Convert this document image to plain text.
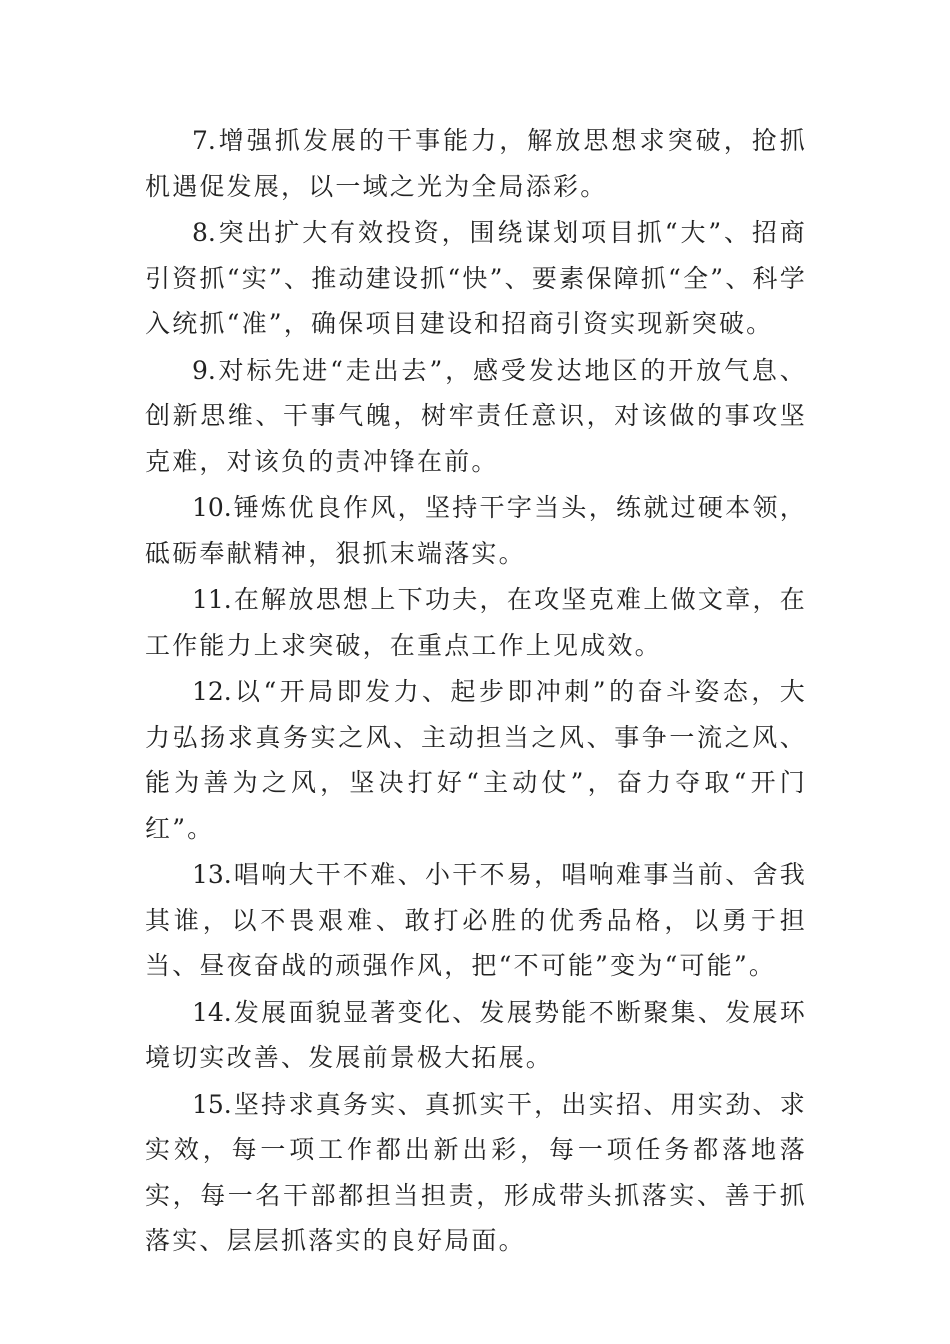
7.增强抓发展的干事能力，解放思想求突破，抢抓机遇促发展，以一域之光为全局添彩。

8.突出扩大有效投资，围绕谋划项目抓“大”、招商引资抓“实”、推动建设抓“快”、要素保障抓“全”、科学入统抓“准”，确保项目建设和招商引资实现新突破。

9.对标先进“走出去”，感受发达地区的开放气息、创新思维、干事气魄，树牢责任意识，对该做的事攻坚克难，对该负的责冲锋在前。

10.锤炼优良作风，坚持干字当头，练就过硬本领，砥砺奉献精神，狠抓末端落实。

11.在解放思想上下功夫，在攻坚克难上做文章，在工作能力上求突破，在重点工作上见成效。

12.以“开局即发力、起步即冲刺”的奋斗姿态，大力弘扬求真务实之风、主动担当之风、事争一流之风、能为善为之风，坚决打好“主动仗”，奋力夺取“开门红”。

13.唱响大干不难、小干不易，唱响难事当前、舍我其谁，以不畏艰难、敢打必胜的优秀品格，以勇于担当、昼夜奋战的顽强作风，把“不可能”变为“可能”。

14.发展面貌显著变化、发展势能不断聚集、发展环境切实改善、发展前景极大拓展。

15.坚持求真务实、真抓实干，出实招、用实劲、求实效，每一项工作都出新出彩，每一项任务都落地落实，每一名干部都担当担责，形成带头抓落实、善于抓落实、层层抓落实的良好局面。
